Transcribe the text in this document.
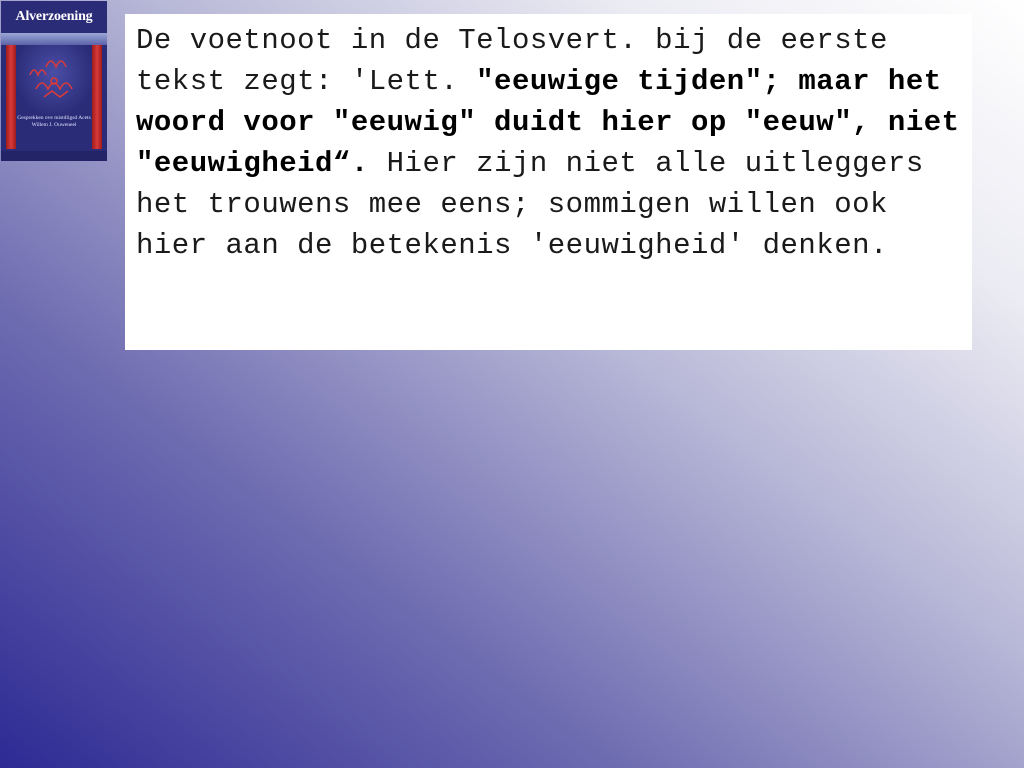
Alverzoening
Gesprekken ove mistdligsd Acets
Willem J. Ouweneel

De voetnoot in de Telosvert. bij de eerste tekst zegt: 'Lett. "eeuwige tijden"; maar het woord voor "eeuwig" duidt hier op "eeuw", niet "eeuwigheid“. Hier zijn niet alle uitleggers het trouwens mee eens; sommigen willen ook hier aan de betekenis 'eeuwigheid' denken.
